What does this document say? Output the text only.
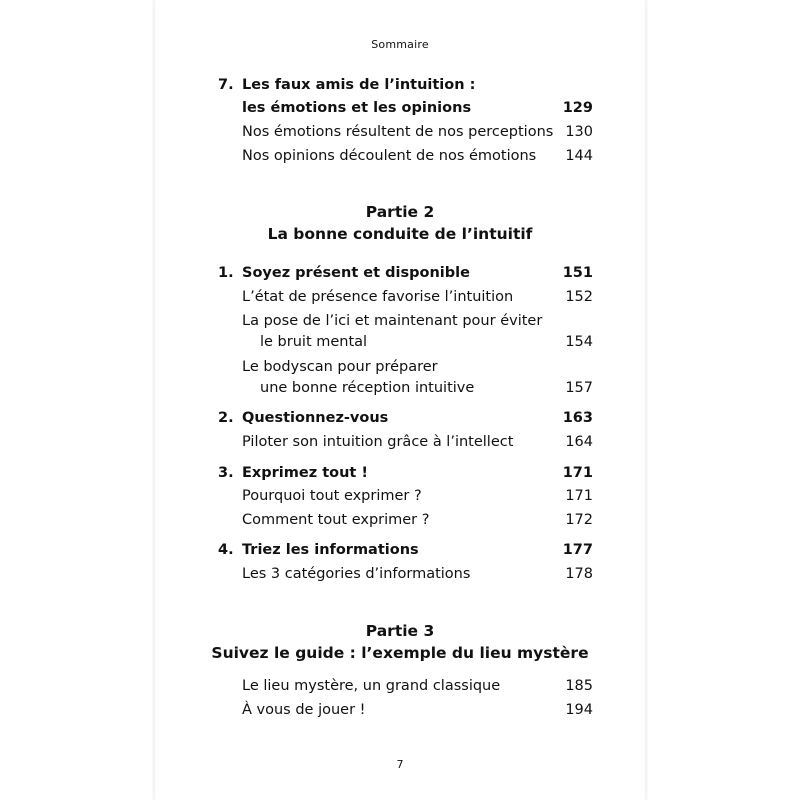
Sommaire
7. Les faux amis de l’intuition :
les émotions et les opinions	129
Nos émotions résultent de nos perceptions 130
Nos opinions découlent de nos émotions 144
Partie 2
La bonne conduite de l’intuitif
1. Soyez présent et disponible	151
L’état de présence favorise l’intuition	152
La pose de l’ici et maintenant pour éviter
le bruit mental	154
Le bodyscan pour préparer
une bonne réception intuitive	157
2. Questionnez-vous	163
Piloter son intuition grâce à l’intellect	164
3. Exprimez tout !	171
Pourquoi tout exprimer ?	171
Comment tout exprimer ?	172
4. Triez les informations	177
Les 3 catégories d’informations	178
Partie 3
Suivez le guide : l’exemple du lieu mystère
Le lieu mystère, un grand classique	185
À vous de jouer !	194
7
